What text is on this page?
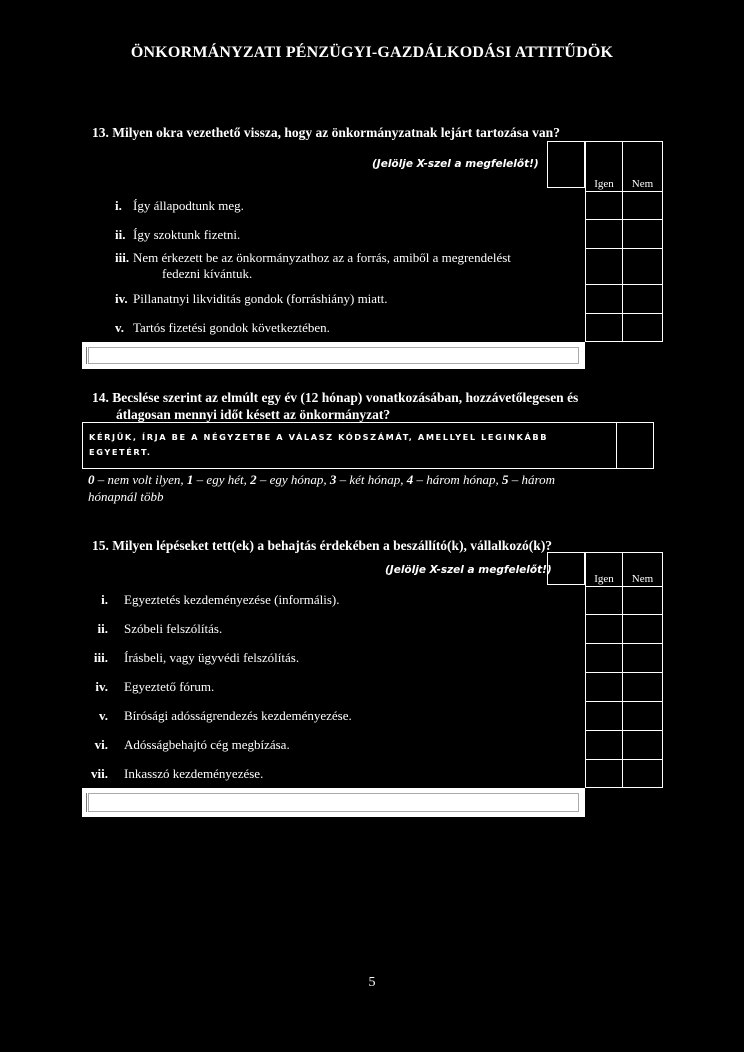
ÖNKORMÁNYZATI PÉNZÜGYI-GAZDÁLKODÁSI ATTITŰDÖK
13. Milyen okra vezethető vissza, hogy az önkormányzatnak lejárt tartozása van?
(Jelölje X-szel a megfelelőt!)
Igen	Nem
i. Így állapodtunk meg.
ii. Így szoktunk fizetni.
iii. Nem érkezett be az önkormányzathoz az a forrás, amiből a megrendelést
fedezni kívántuk.
iv. Pillanatnyi likviditás gondok (forráshiány) miatt.
v. Tartós fizetési gondok következtében.
14. Becslése szerint az elmúlt egy év (12 hónap) vonatkozásában, hozzávetőlegesen és
átlagosan mennyi időt késett az önkormányzat?
KÉRJÜK, ÍRJA BE A NÉGYZETBE A VÁLASZ KÓDSZÁMÁT, AMELLYEL LEGINKÁBB
EGYETÉRT.
0 – nem volt ilyen, 1 – egy hét, 2 – egy hónap, 3 – két hónap, 4 – három hónap, 5 – három
hónapnál több
15. Milyen lépéseket tett(ek) a behajtás érdekében a beszállító(k), vállalkozó(k)?
(Jelölje X-szel a megfelelőt!)
Igen	Nem
i. Egyeztetés kezdeményezése (informális).
ii. Szóbeli felszólítás.
iii. Írásbeli, vagy ügyvédi felszólítás.
iv. Egyeztető fórum.
v. Bírósági adósságrendezés kezdeményezése.
vi. Adósságbehajtó cég megbízása.
vii. Inkasszó kezdeményezése.
5
